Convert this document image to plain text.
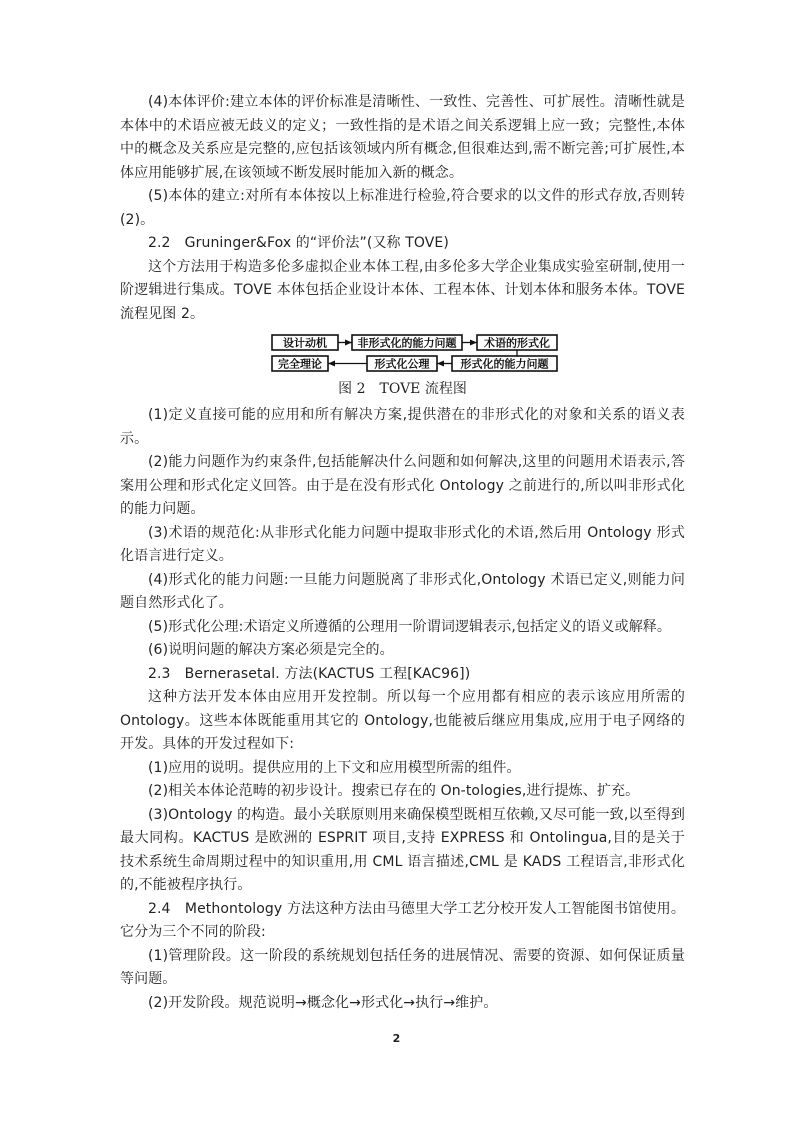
(4)本体评价:建立本体的评价标准是清晰性、一致性、完善性、可扩展性。清晰性就是本体中的术语应被无歧义的定义；一致性指的是术语之间关系逻辑上应一致；完整性,本体中的概念及关系应是完整的,应包括该领域内所有概念,但很难达到,需不断完善;可扩展性,本体应用能够扩展,在该领域不断发展时能加入新的概念。

(5)本体的建立:对所有本体按以上标准进行检验,符合要求的以文件的形式存放,否则转(2)。

2.2　Gruninger&Fox 的“评价法”(又称 TOVE)

这个方法用于构造多伦多虚拟企业本体工程,由多伦多大学企业集成实验室研制,使用一阶逻辑进行集成。TOVE 本体包括企业设计本体、工程本体、计划本体和服务本体。TOVE 流程见图 2。

设计动机	非形式化的能力问题	术语的形式化
形式化的能力问题
形式化公理
完全理论
图 2　TOVE 流程图

(1)定义直接可能的应用和所有解决方案,提供潜在的非形式化的对象和关系的语义表示。

(2)能力问题作为约束条件,包括能解决什么问题和如何解决,这里的问题用术语表示,答案用公理和形式化定义回答。由于是在没有形式化 Ontology 之前进行的,所以叫非形式化的能力问题。

(3)术语的规范化:从非形式化能力问题中提取非形式化的术语,然后用 Ontology 形式化语言进行定义。

(4)形式化的能力问题:一旦能力问题脱离了非形式化,Ontology 术语已定义,则能力问题自然形式化了。

(5)形式化公理:术语定义所遵循的公理用一阶谓词逻辑表示,包括定义的语义或解释。

(6)说明问题的解决方案必须是完全的。

2.3　Bernerasetal. 方法(KACTUS 工程[KAC96])

这种方法开发本体由应用开发控制。所以每一个应用都有相应的表示该应用所需的 Ontology。这些本体既能重用其它的 Ontology,也能被后继应用集成,应用于电子网络的开发。具体的开发过程如下:

(1)应用的说明。提供应用的上下文和应用模型所需的组件。

(2)相关本体论范畴的初步设计。搜索已存在的 On-tologies,进行提炼、扩充。

(3)Ontology 的构造。最小关联原则用来确保模型既相互依赖,又尽可能一致,以至得到最大同构。KACTUS 是欧洲的 ESPRIT 项目,支持 EXPRESS 和 Ontolingua,目的是关于技术系统生命周期过程中的知识重用,用 CML 语言描述,CML 是 KADS 工程语言,非形式化的,不能被程序执行。

2.4　Methontology 方法这种方法由马德里大学工艺分校开发人工智能图书馆使用。它分为三个不同的阶段:

(1)管理阶段。这一阶段的系统规划包括任务的进展情况、需要的资源、如何保证质量等问题。

(2)开发阶段。规范说明→概念化→形式化→执行→维护。

2
